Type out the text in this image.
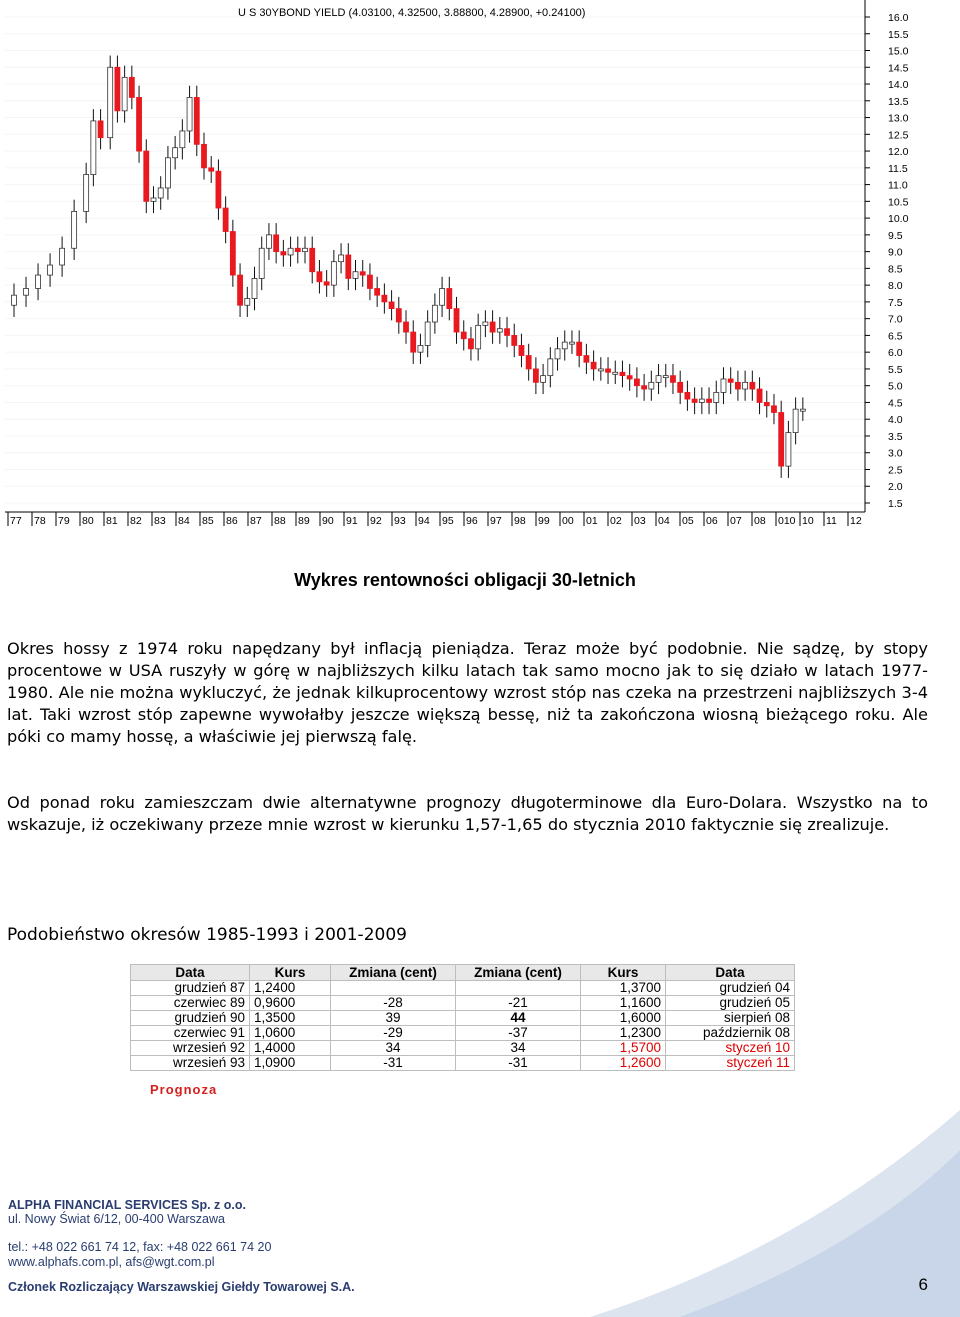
16.0
15.5
15.0
14.5
14.0
13.5
13.0
12.5
12.0
11.5
11.0
10.5
10.0
9.5
9.0
8.5
8.0
7.5
7.0
6.5
6.0
5.5
5.0
4.5
4.0
3.5
3.0
2.5
2.0
1.5
77 78 79 80 81 82 83 84 85 86 87 88 89 90 91 92 93 94 95 96 97 98 99 00 01 02 03 04 05 06 07 08 010 10 11 12
U S 30YBOND YIELD (4.03100, 4.32500, 3.88800, 4.28900, +0.24100)
Wykres rentowności obligacji 30-letnich
Okres hossy z 1974 roku napędzany był inflacją pieniądza. Teraz może być podobnie. Nie sądzę, by stopy procentowe w USA ruszyły w górę w najbliższych kilku latach tak samo mocno jak to się działo w latach 1977-1980. Ale nie można wykluczyć, że jednak kilkuprocentowy wzrost stóp nas czeka na przestrzeni najbliższych 3-4 lat. Taki wzrost stóp zapewne wywołałby jeszcze większą bessę, niż ta zakończona wiosną bieżącego roku. Ale póki co mamy hossę, a właściwie jej pierwszą falę.
Od ponad roku zamieszczam dwie alternatywne prognozy długoterminowe dla Euro-Dolara. Wszystko na to wskazuje, iż oczekiwany przeze mnie wzrost w kierunku 1,57-1,65 do stycznia 2010 faktycznie się zrealizuje.
Podobieństwo okresów 1985-1993 i 2001-2009
Data	Kurs	Zmiana (cent)	Zmiana (cent)	Kurs	Data
grudzień 87	1,2400			1,3700	grudzień 04
czerwiec 89	0,9600	-28	-21	1,1600	grudzień 05
grudzień 90	1,3500	39	44	1,6000	sierpień 08
czerwiec 91	1,0600	-29	-37	1,2300	październik 08
wrzesień 92	1,4000	34	34	1,5700	styczeń 10
wrzesień 93	1,0900	-31	-31	1,2600	styczeń 11
Prognoza
ALPHA FINANCIAL SERVICES Sp. z o.o.
ul. Nowy Świat 6/12, 00-400 Warszawa
tel.: +48 022 661 74 12, fax: +48 022 661 74 20
www.alphafs.com.pl, afs@wgt.com.pl
Członek Rozliczający Warszawskiej Giełdy Towarowej S.A.	6
